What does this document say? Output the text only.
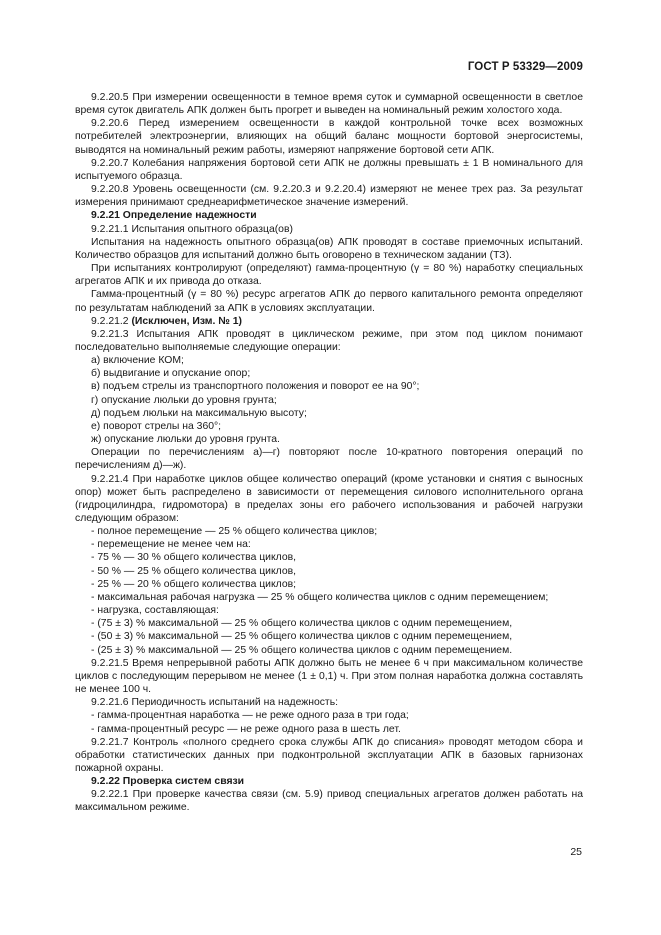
ГОСТ Р 53329—2009

9.2.20.5 При измерении освещенности в темное время суток и суммарной освещенности в светлое время суток двигатель АПК должен быть прогрет и выведен на номинальный режим холостого хода.

9.2.20.6 Перед измерением освещенности в каждой контрольной точке всех возможных потребителей электроэнергии, влияющих на общий баланс мощности бортовой энергосистемы, выводятся на номинальный режим работы, измеряют напряжение бортовой сети АПК.

9.2.20.7 Колебания напряжения бортовой сети АПК не должны превышать ± 1 В номинального для испытуемого образца.

9.2.20.8 Уровень освещенности (см. 9.2.20.3 и 9.2.20.4) измеряют не менее трех раз. За результат измерения принимают среднеарифметическое значение измерений.

9.2.21 Определение надежности

9.2.21.1 Испытания опытного образца(ов)

Испытания на надежность опытного образца(ов) АПК проводят в составе приемочных испытаний. Количество образцов для испытаний должно быть оговорено в техническом задании (ТЗ).

При испытаниях контролируют (определяют) гамма-процентную (γ = 80 %) наработку специальных агрегатов АПК и их привода до отказа.

Гамма-процентный (γ = 80 %) ресурс агрегатов АПК до первого капитального ремонта определяют по результатам наблюдений за АПК в условиях эксплуатации.

9.2.21.2 (Исключен, Изм. № 1)

9.2.21.3 Испытания АПК проводят в циклическом режиме, при этом под циклом понимают последовательно выполняемые следующие операции:

а) включение КОМ;

б) выдвигание и опускание опор;

в) подъем стрелы из транспортного положения и поворот ее на 90°;

г) опускание люльки до уровня грунта;

д) подъем люльки на максимальную высоту;

е) поворот стрелы на 360°;

ж) опускание люльки до уровня грунта.

Операции по перечислениям а)—г) повторяют после 10-кратного повторения операций по перечислениям д)—ж).

9.2.21.4 При наработке циклов общее количество операций (кроме установки и снятия с выносных опор) может быть распределено в зависимости от перемещения силового исполнительного органа (гидроцилиндра, гидромотора) в пределах зоны его рабочего использования и рабочей нагрузки следующим образом:

- полное перемещение — 25 % общего количества циклов;

- перемещение не менее чем на:

- 75 % — 30 % общего количества циклов,

- 50 % — 25 % общего количества циклов,

- 25 % — 20 % общего количества циклов;

- максимальная рабочая нагрузка — 25 % общего количества циклов с одним перемещением;

- нагрузка, составляющая:

- (75 ± 3) % максимальной — 25 % общего количества циклов с одним перемещением,

- (50 ± 3) % максимальной — 25 % общего количества циклов с одним перемещением,

- (25 ± 3) % максимальной — 25 % общего количества циклов с одним перемещением.

9.2.21.5 Время непрерывной работы АПК должно быть не менее 6 ч при максимальном количестве циклов с последующим перерывом не менее (1 ± 0,1) ч. При этом полная наработка должна составлять не менее 100 ч.

9.2.21.6 Периодичность испытаний на надежность:

- гамма-процентная наработка — не реже одного раза в три года;

- гамма-процентный ресурс — не реже одного раза в шесть лет.

9.2.21.7 Контроль «полного среднего срока службы АПК до списания» проводят методом сбора и обработки статистических данных при подконтрольной эксплуатации АПК в базовых гарнизонах пожарной охраны.

9.2.22 Проверка систем связи

9.2.22.1 При проверке качества связи (см. 5.9) привод специальных агрегатов должен работать на максимальном режиме.

25
